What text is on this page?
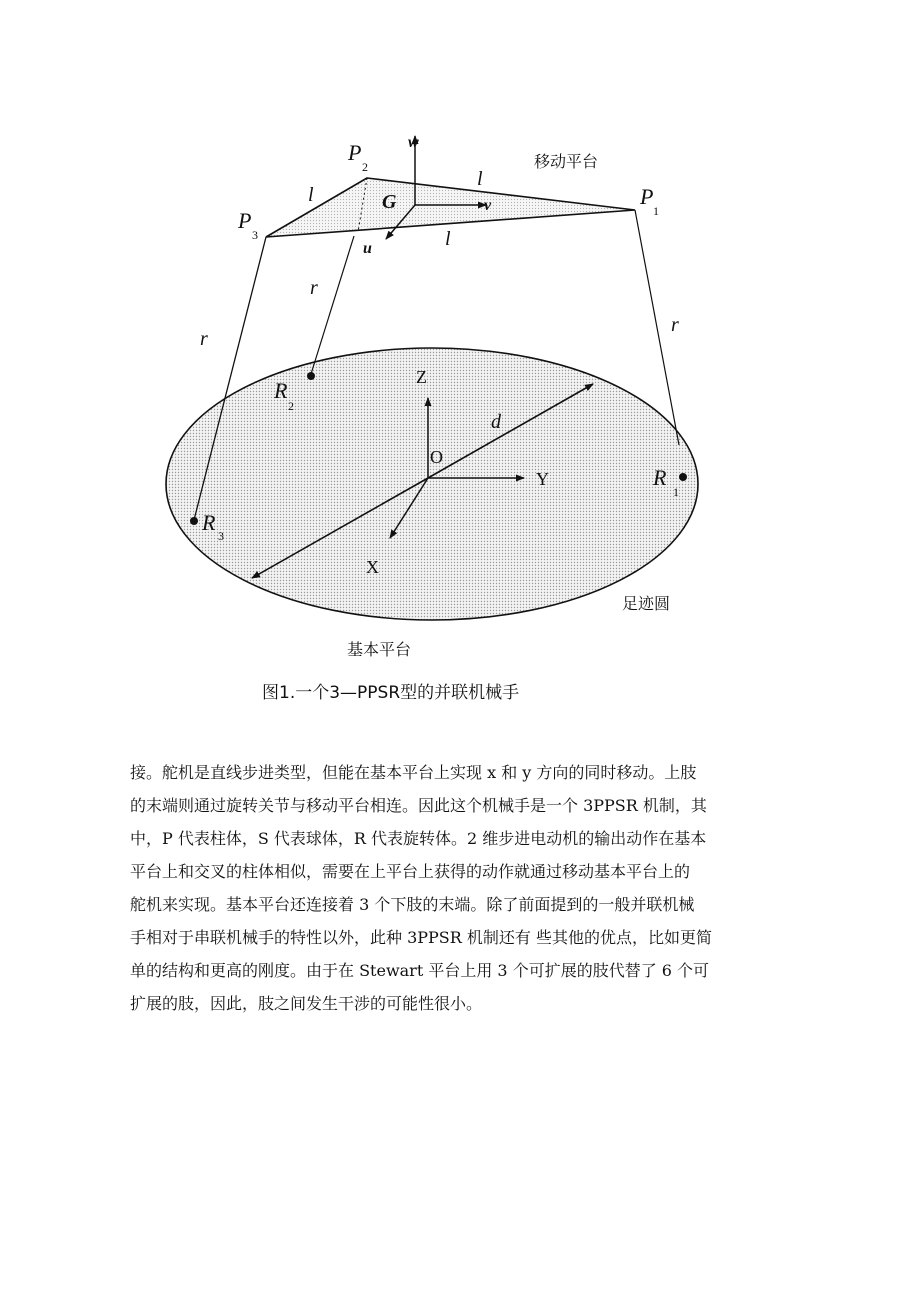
P
2
P
1
P
3
G
w
v
u
l
l
l
移动平台
r
r
r
R
2
R
1
R
3
Z
Y
X
O
d
足迹圆
基本平台
图1.一个3—PPSR型的并联机械手
接。舵机是直线步进类型，但能在基本平台上实现 x 和 y 方向的同时移动。上肢
的末端则通过旋转关节与移动平台相连。因此这个机械手是一个 3PPSR 机制，其
中，P 代表柱体，S 代表球体，R 代表旋转体。2 维步进电动机的输出动作在基本
平台上和交叉的柱体相似，需要在上平台上获得的动作就通过移动基本平台上的
舵机来实现。基本平台还连接着 3 个下肢的末端。除了前面提到的一般并联机械
手相对于串联机械手的特性以外，此种 3PPSR 机制还有 些其他的优点，比如更简
单的结构和更高的刚度。由于在 Stewart 平台上用 3 个可扩展的肢代替了 6 个可
扩展的肢，因此，肢之间发生干涉的可能性很小。
